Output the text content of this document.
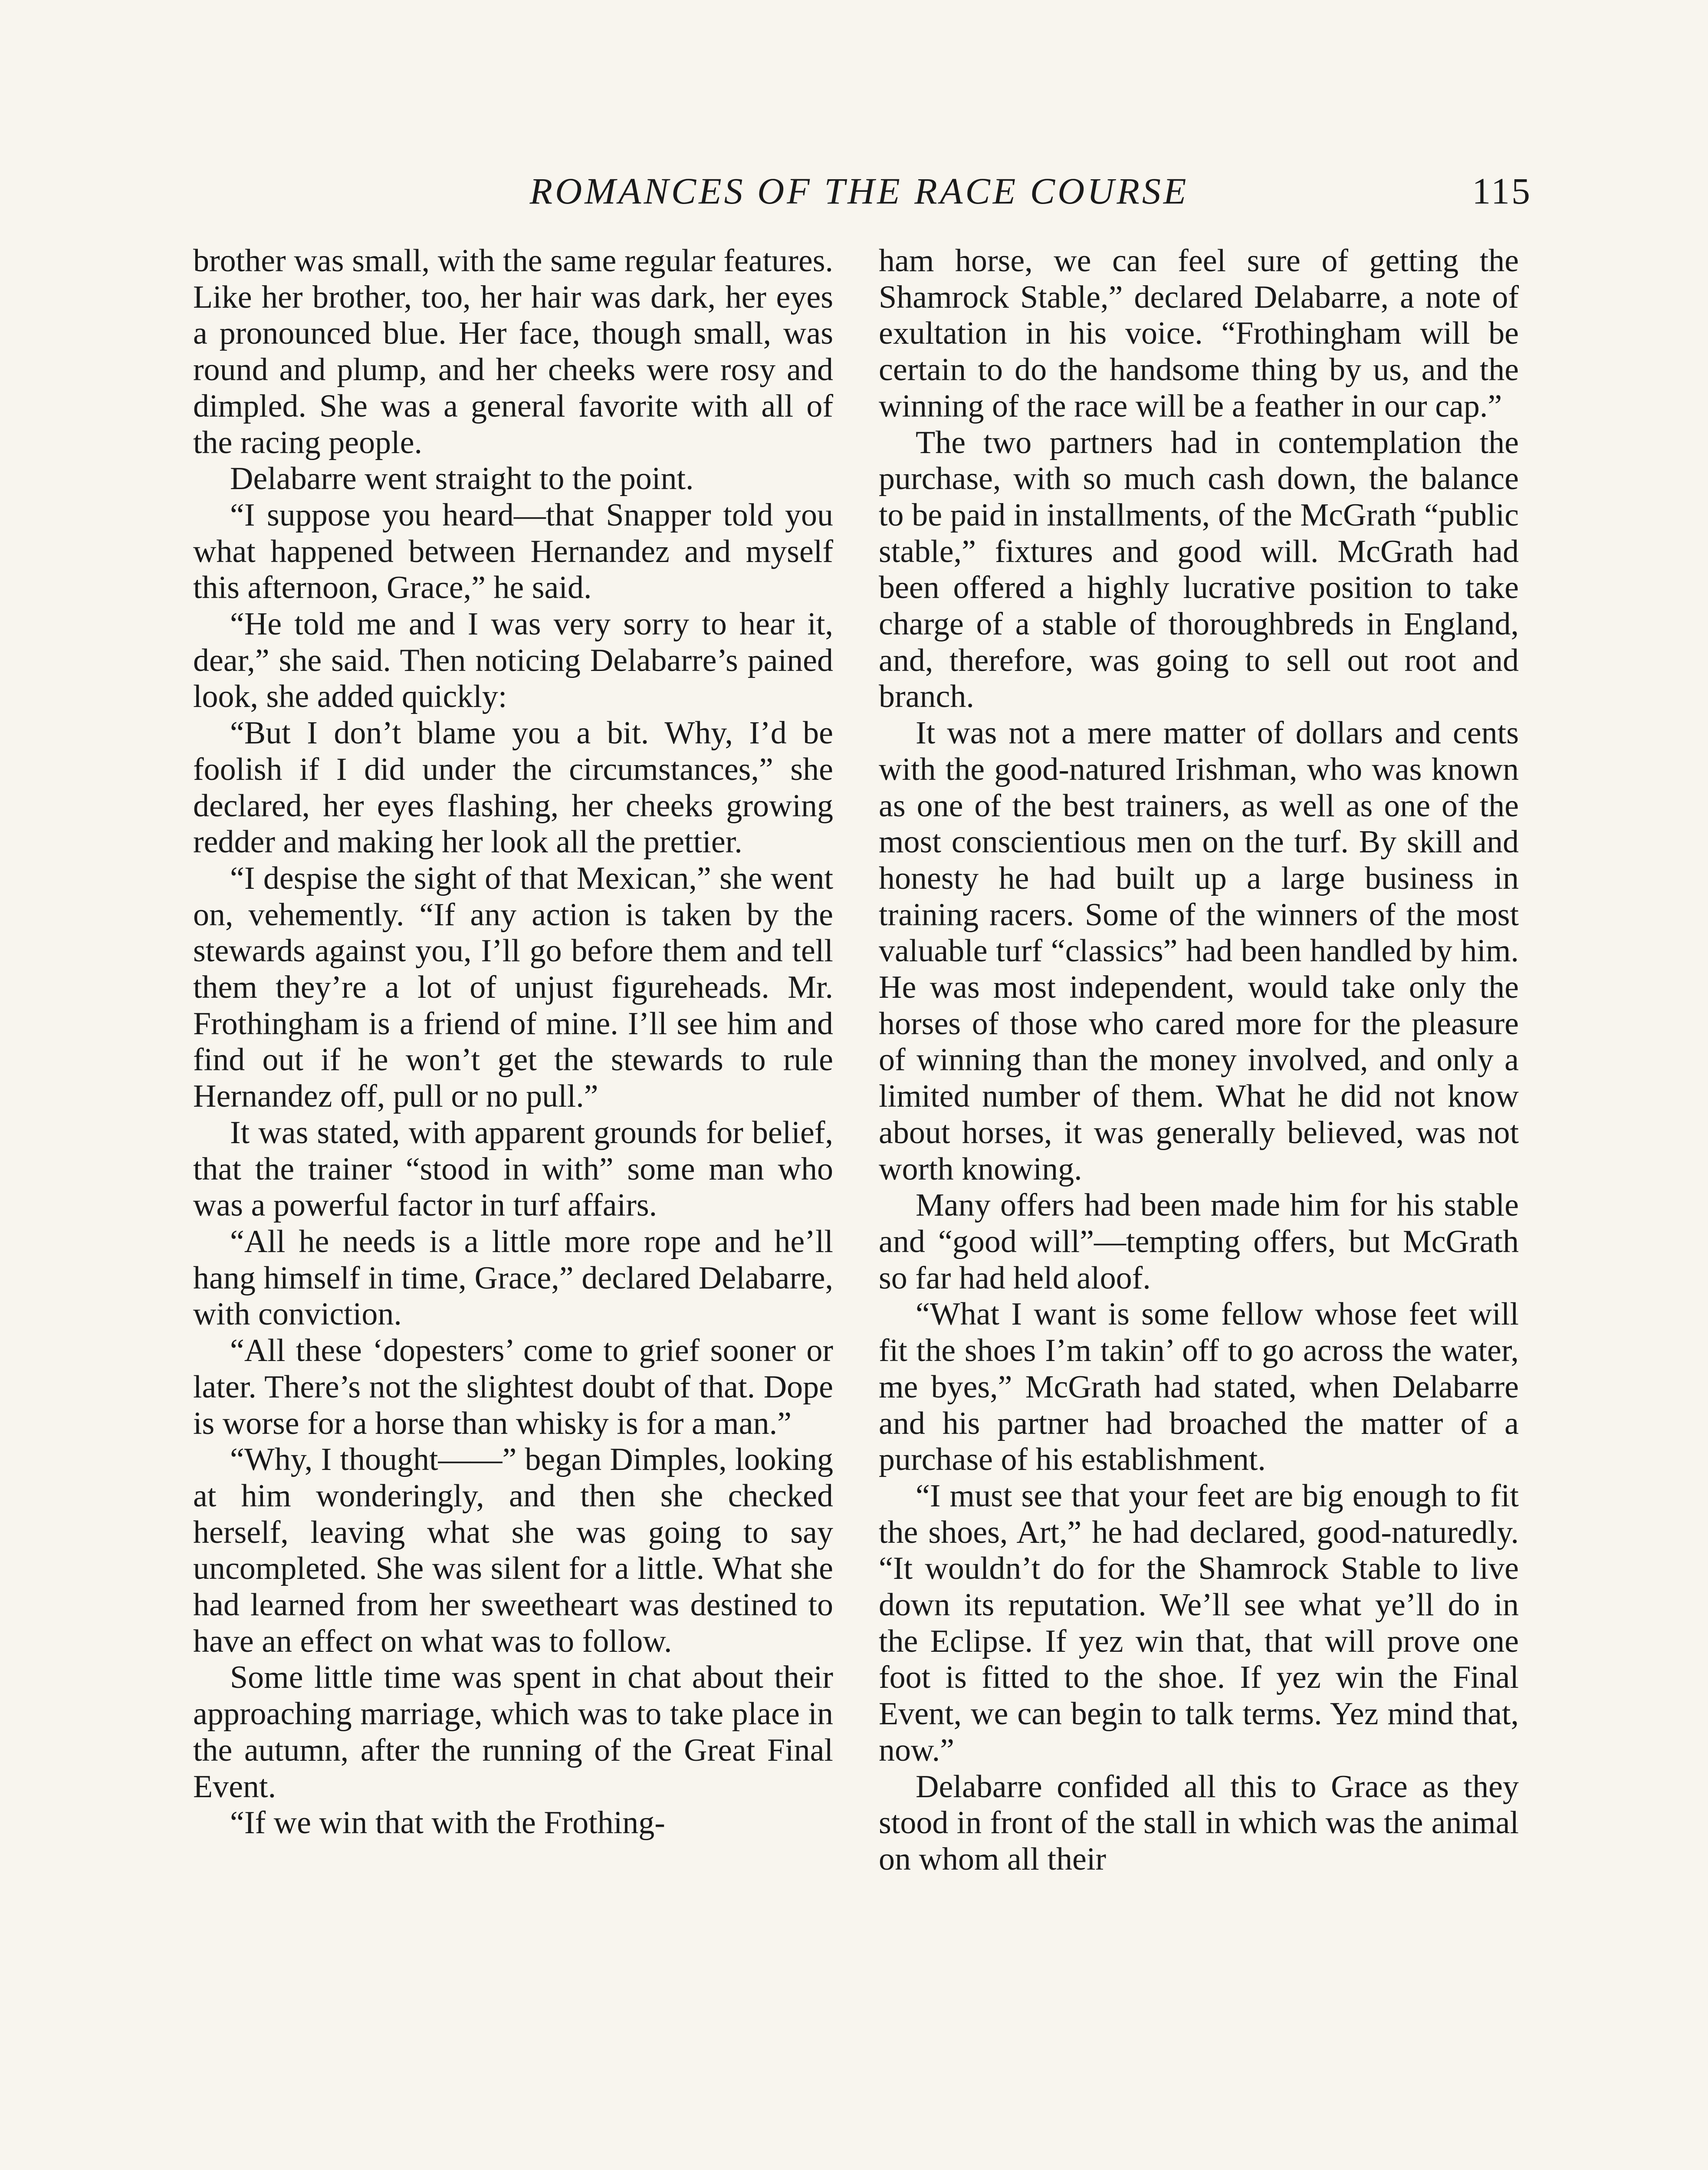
ROMANCES OF THE RACE COURSE	115

brother was small, with the same regular features. Like her brother, too, her hair was dark, her eyes a pronounced blue. Her face, though small, was round and plump, and her cheeks were rosy and dimpled. She was a general favorite with all of the racing people.

Delabarre went straight to the point.

“I suppose you heard—that Snapper told you what happened between Hernandez and myself this afternoon, Grace,” he said.

“He told me and I was very sorry to hear it, dear,” she said. Then noticing Delabarre’s pained look, she added quickly:

“But I don’t blame you a bit. Why, I’d be foolish if I did under the circumstances,” she declared, her eyes flashing, her cheeks growing redder and making her look all the prettier.

“I despise the sight of that Mexican,” she went on, vehemently. “If any action is taken by the stewards against you, I’ll go before them and tell them they’re a lot of unjust figureheads. Mr. Frothingham is a friend of mine. I’ll see him and find out if he won’t get the stewards to rule Hernandez off, pull or no pull.”

It was stated, with apparent grounds for belief, that the trainer “stood in with” some man who was a powerful factor in turf affairs.

“All he needs is a little more rope and he’ll hang himself in time, Grace,” declared Delabarre, with conviction.

“All these ‘dopesters’ come to grief sooner or later. There’s not the slightest doubt of that. Dope is worse for a horse than whisky is for a man.”

“Why, I thought——” began Dimples, looking at him wonderingly, and then she checked herself, leaving what she was going to say uncompleted. She was silent for a little. What she had learned from her sweetheart was destined to have an effect on what was to follow.

Some little time was spent in chat about their approaching marriage, which was to take place in the autumn, after the running of the Great Final Event.

“If we win that with the Frothing-

ham horse, we can feel sure of getting the Shamrock Stable,” declared Delabarre, a note of exultation in his voice. “Frothingham will be certain to do the handsome thing by us, and the winning of the race will be a feather in our cap.”

The two partners had in contemplation the purchase, with so much cash down, the balance to be paid in installments, of the McGrath “public stable,” fixtures and good will. McGrath had been offered a highly lucrative position to take charge of a stable of thoroughbreds in England, and, therefore, was going to sell out root and branch.

It was not a mere matter of dollars and cents with the good-natured Irishman, who was known as one of the best trainers, as well as one of the most conscientious men on the turf. By skill and honesty he had built up a large business in training racers. Some of the winners of the most valuable turf “classics” had been handled by him. He was most independent, would take only the horses of those who cared more for the pleasure of winning than the money involved, and only a limited number of them. What he did not know about horses, it was generally believed, was not worth knowing.

Many offers had been made him for his stable and “good will”—tempting offers, but McGrath so far had held aloof.

“What I want is some fellow whose feet will fit the shoes I’m takin’ off to go across the water, me byes,” McGrath had stated, when Delabarre and his partner had broached the matter of a purchase of his establishment.

“I must see that your feet are big enough to fit the shoes, Art,” he had declared, good-naturedly. “It wouldn’t do for the Shamrock Stable to live down its reputation. We’ll see what ye’ll do in the Eclipse. If yez win that, that will prove one foot is fitted to the shoe. If yez win the Final Event, we can begin to talk terms. Yez mind that, now.”

Delabarre confided all this to Grace as they stood in front of the stall in which was the animal on whom all their
